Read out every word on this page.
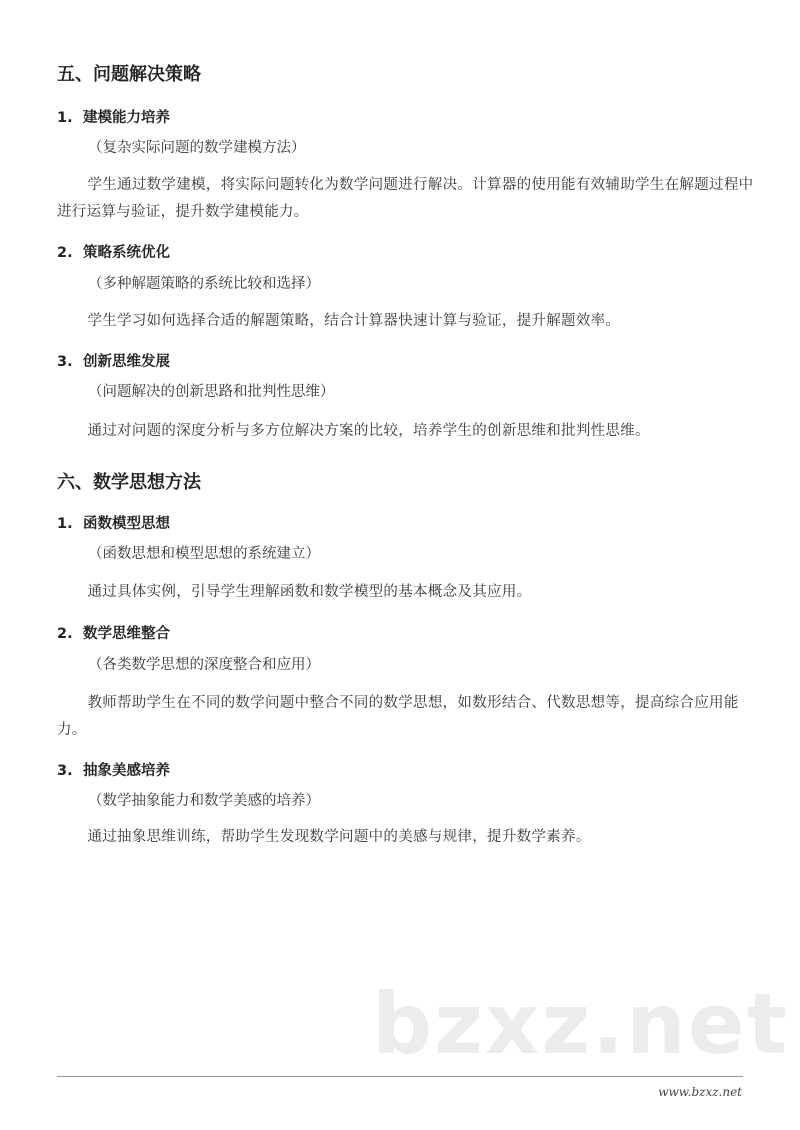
五、问题解决策略
1. 建模能力培养
（复杂实际问题的数学建模方法）
学生通过数学建模，将实际问题转化为数学问题进行解决。计算器的使用能有效辅助学生在解题过程中进行运算与验证，提升数学建模能力。
2. 策略系统优化
（多种解题策略的系统比较和选择）
学生学习如何选择合适的解题策略，结合计算器快速计算与验证，提升解题效率。
3. 创新思维发展
（问题解决的创新思路和批判性思维）
通过对问题的深度分析与多方位解决方案的比较，培养学生的创新思维和批判性思维。
六、数学思想方法
1. 函数模型思想
（函数思想和模型思想的系统建立）
通过具体实例，引导学生理解函数和数学模型的基本概念及其应用。
2. 数学思维整合
（各类数学思想的深度整合和应用）
教师帮助学生在不同的数学问题中整合不同的数学思想，如数形结合、代数思想等，提高综合应用能力。
3. 抽象美感培养
（数学抽象能力和数学美感的培养）
通过抽象思维训练，帮助学生发现数学问题中的美感与规律，提升数学素养。
bzxz.net
www.bzxz.net
